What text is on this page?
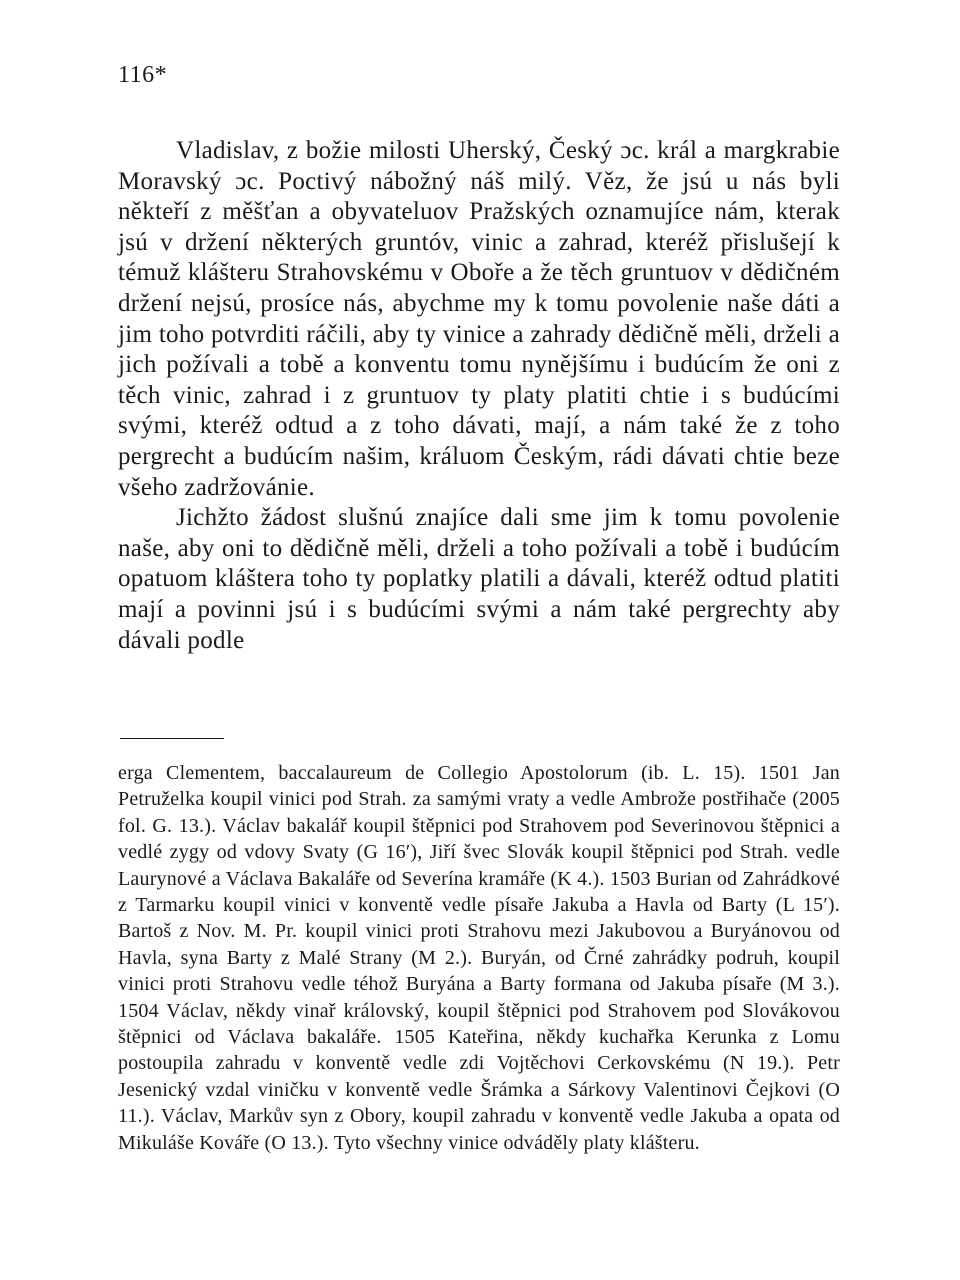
116*

Vladislav, z božie milosti Uherský, Český ɔc. král a margkrabie Moravský ɔc. Poctivý nábožný náš milý. Věz, že jsú u nás byli někteří z měšťan a obyvateluov Pražských oznamujíce nám, kterak jsú v držení některých gruntóv, vinic a zahrad, kteréž přislušejí k témuž klášteru Strahovskému v Oboře a že těch gruntuov v dědičném držení nejsú, prosíce nás, abychme my k tomu povolenie naše dáti a jim toho potvrditi ráčili, aby ty vinice a zahrady dědičně měli, drželi a jich požívali a tobě a konventu tomu nynějšímu i budúcím že oni z těch vinic, zahrad i z gruntuov ty platy platiti chtie i s budúcími svými, kteréž odtud a z toho dávati, mají, a nám také že z toho pergrecht a budúcím našim, králuom Českým, rádi dávati chtie beze všeho zadržovánie.

Jichžto žádost slušnú znajíce dali sme jim k tomu povolenie naše, aby oni to dědičně měli, drželi a toho požívali a tobě i budúcím opatuom kláštera toho ty poplatky platili a dávali, kteréž odtud platiti mají a povinni jsú i s budúcími svými a nám také pergrechty aby dávali podle

erga Clementem, baccalaureum de Collegio Apostolorum (ib. L. 15). 1501 Jan Petruželka koupil vinici pod Strah. za samými vraty a vedle Ambrože postřihače (2005 fol. G. 13.). Václav bakalář koupil štěpnici pod Strahovem pod Severinovou štěpnici a vedlé zygy od vdovy Svaty (G 16′), Jiří švec Slovák koupil štěpnici pod Strah. vedle Laurynové a Václava Bakaláře od Severína kramáře (K 4.). 1503 Burian od Zahrádkové z Tarmarku koupil vinici v konventě vedle písaře Jakuba a Havla od Barty (L 15′). Bartoš z Nov. M. Pr. koupil vinici proti Strahovu mezi Jakubovou a Buryánovou od Havla, syna Barty z Malé Strany (M 2.). Buryán, od Črné zahrádky podruh, koupil vinici proti Strahovu vedle téhož Buryána a Barty formana od Jakuba písaře (M 3.). 1504 Václav, někdy vinař královský, koupil štěpnici pod Strahovem pod Slovákovou štěpnici od Václava bakaláře. 1505 Kateřina, někdy kuchařka Kerunka z Lomu postoupila zahradu v konventě vedle zdi Vojtěchovi Cerkovskému (N 19.). Petr Jesenický vzdal viničku v konventě vedle Šrámka a Sárkovy Valentinovi Čejkovi (O 11.). Václav, Markův syn z Obory, koupil zahradu v konventě vedle Jakuba a opata od Mikuláše Kováře (O 13.). Tyto všechny vinice odváděly platy klášteru.
